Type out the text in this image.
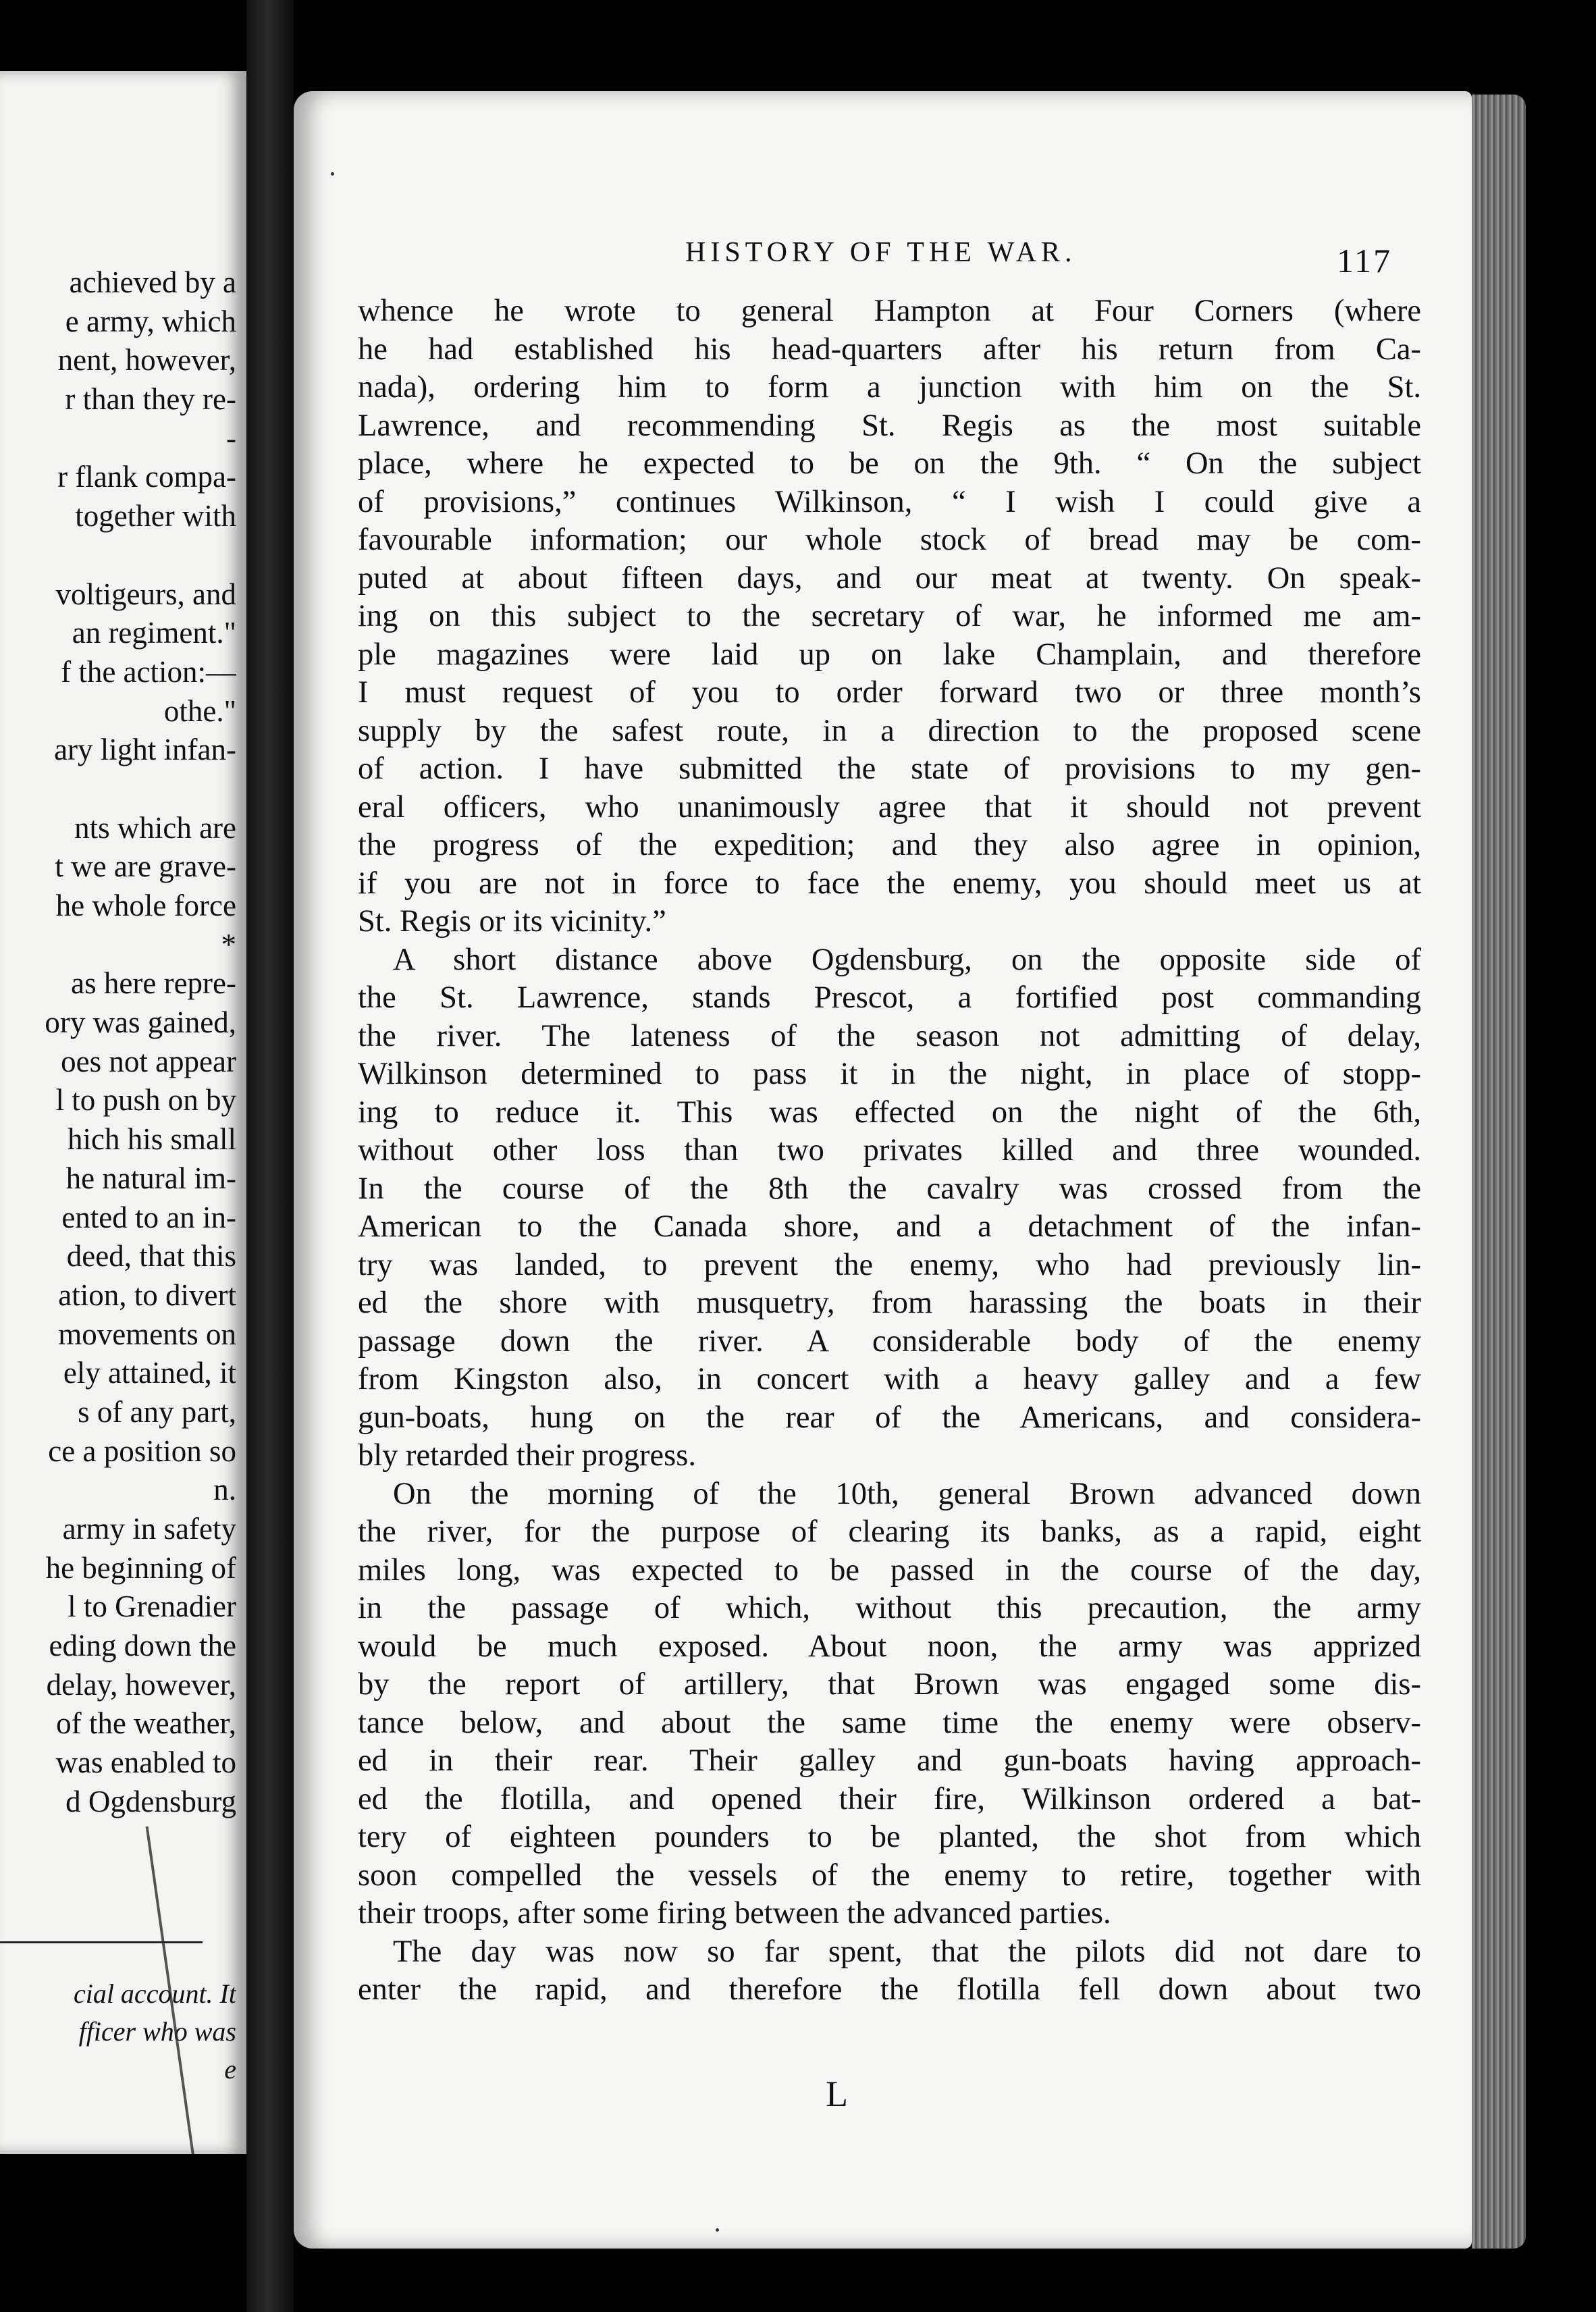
achieved by a
e army, which
nent, however,
r than they re-
-
r flank compa-
together with
voltigeurs, and
an regiment."
f the action:—
othe."
ary light infan-
nts which are
t we are grave-
he whole force
*
as here repre-
ory was gained,
oes not appear
l to push on by
hich his small
he natural im-
ented to an in-
deed, that this
ation, to divert
movements on
ely attained, it
s of any part,
ce a position so
n.
army in safety
he beginning of
l to Grenadier
eding down the
delay, however,
of the weather,
was enabled to
d Ogdensburg
cial account. It
fficer who was
e
HISTORY OF THE WAR.	117
whence he wrote to general Hampton at Four Corners (where
he had established his head-quarters after his return from Ca-
nada), ordering him to form a junction with him on the St.
Lawrence, and recommending St. Regis as the most suitable
place, where he expected to be on the 9th. “ On the subject
of provisions,” continues Wilkinson, “ I wish I could give a
favourable information; our whole stock of bread may be com-
puted at about fifteen days, and our meat at twenty. On speak-
ing on this subject to the secretary of war, he informed me am-
ple magazines were laid up on lake Champlain, and therefore
I must request of you to order forward two or three month’s
supply by the safest route, in a direction to the proposed scene
of action. I have submitted the state of provisions to my gen-
eral officers, who unanimously agree that it should not prevent
the progress of the expedition; and they also agree in opinion,
if you are not in force to face the enemy, you should meet us at
St. Regis or its vicinity.”
A short distance above Ogdensburg, on the opposite side of
the St. Lawrence, stands Prescot, a fortified post commanding
the river. The lateness of the season not admitting of delay,
Wilkinson determined to pass it in the night, in place of stopp-
ing to reduce it. This was effected on the night of the 6th,
without other loss than two privates killed and three wounded.
In the course of the 8th the cavalry was crossed from the
American to the Canada shore, and a detachment of the infan-
try was landed, to prevent the enemy, who had previously lin-
ed the shore with musquetry, from harassing the boats in their
passage down the river. A considerable body of the enemy
from Kingston also, in concert with a heavy galley and a few
gun-boats, hung on the rear of the Americans, and considera-
bly retarded their progress.
On the morning of the 10th, general Brown advanced down
the river, for the purpose of clearing its banks, as a rapid, eight
miles long, was expected to be passed in the course of the day,
in the passage of which, without this precaution, the army
would be much exposed. About noon, the army was apprized
by the report of artillery, that Brown was engaged some dis-
tance below, and about the same time the enemy were observ-
ed in their rear. Their galley and gun-boats having approach-
ed the flotilla, and opened their fire, Wilkinson ordered a bat-
tery of eighteen pounders to be planted, the shot from which
soon compelled the vessels of the enemy to retire, together with
their troops, after some firing between the advanced parties.
The day was now so far spent, that the pilots did not dare to
enter the rapid, and therefore the flotilla fell down about two
L
